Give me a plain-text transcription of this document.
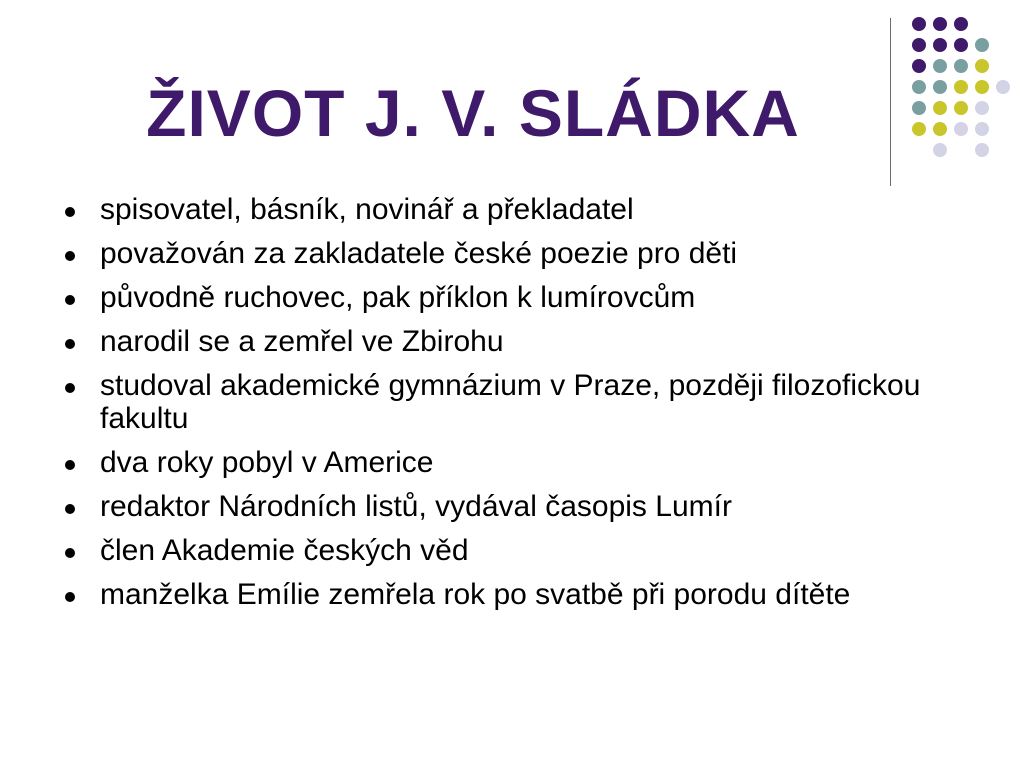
ŽIVOT J. V. SLÁDKA
spisovatel, básník, novinář a překladatel
považován za zakladatele české poezie pro děti
původně ruchovec, pak příklon k lumírovcům
narodil se a zemřel ve Zbirohu
studoval akademické gymnázium v Praze, později filozofickou fakultu
dva roky pobyl v Americe
redaktor Národních listů, vydával časopis Lumír
člen Akademie českých věd
manželka Emílie zemřela rok po svatbě při porodu dítěte
